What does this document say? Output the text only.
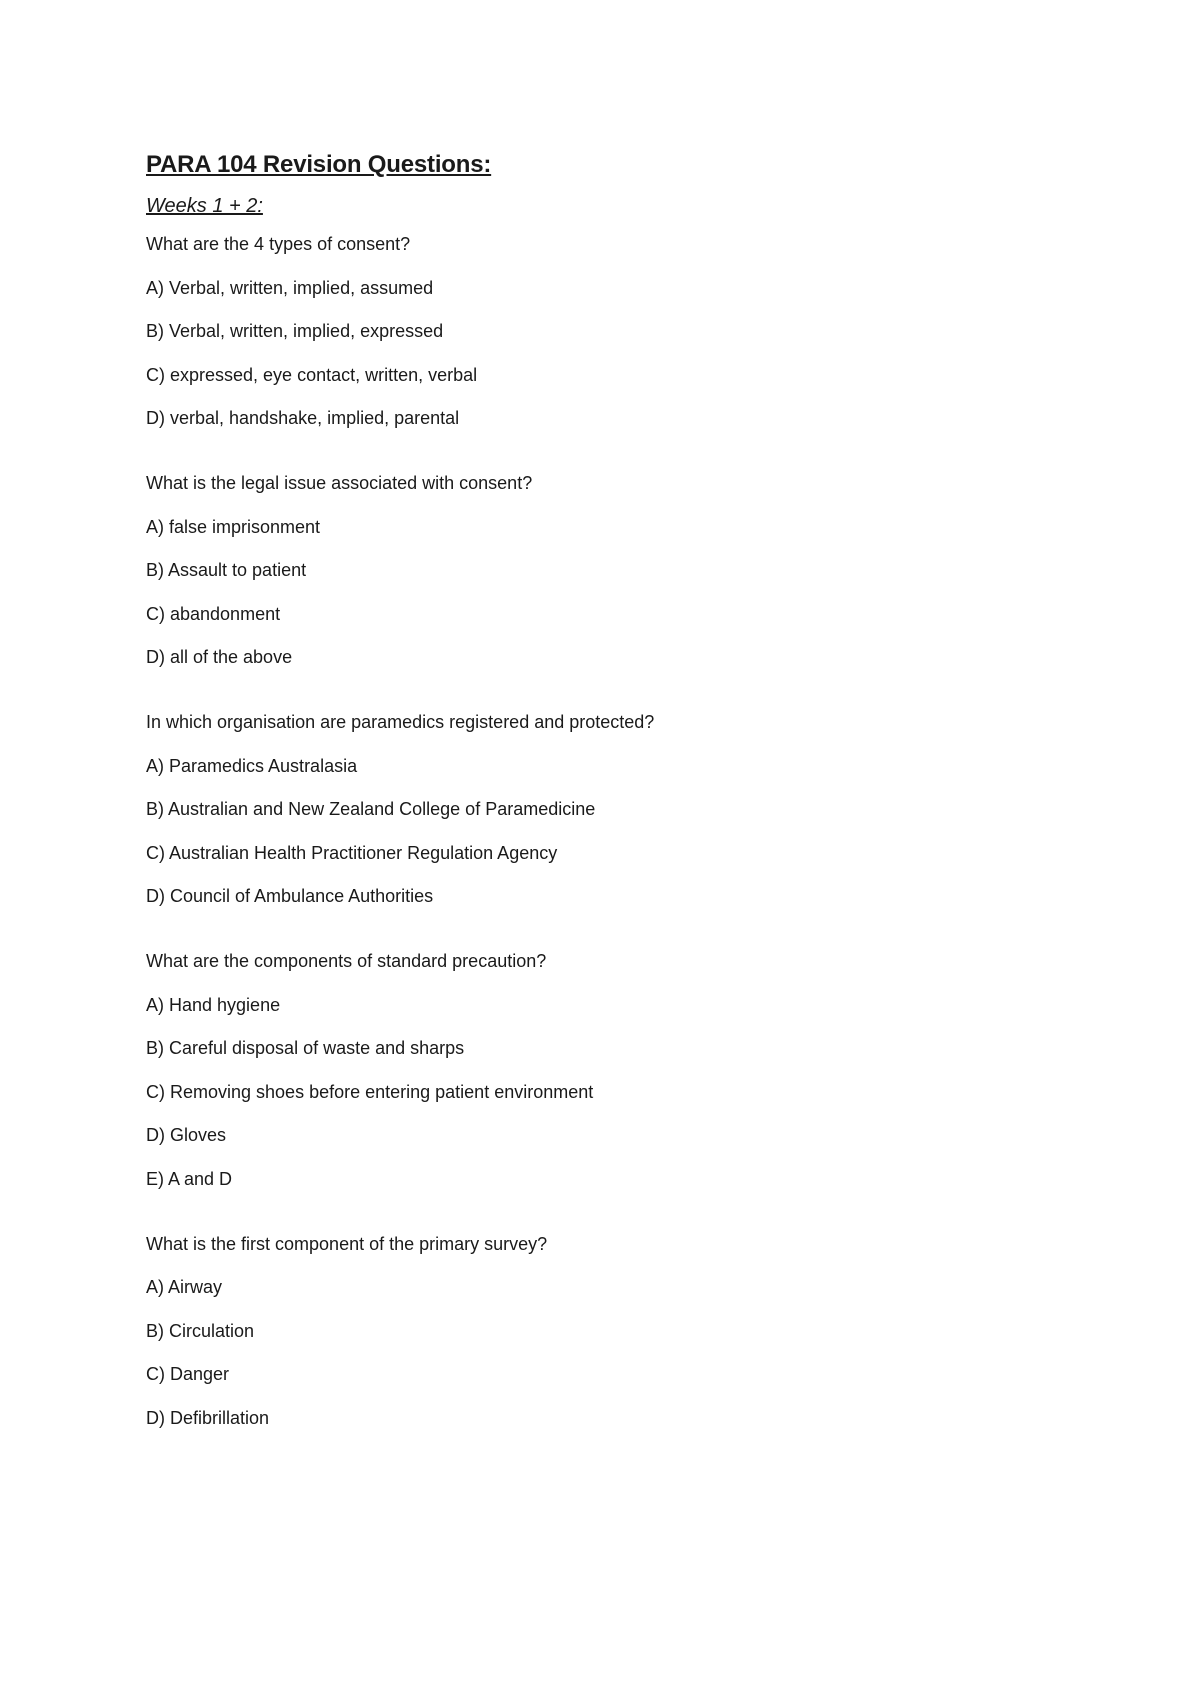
PARA 104 Revision Questions:
Weeks 1 + 2:
What are the 4 types of consent?
A) Verbal, written, implied, assumed
B) Verbal, written, implied, expressed
C) expressed, eye contact, written, verbal
D) verbal, handshake, implied, parental
What is the legal issue associated with consent?
A) false imprisonment
B) Assault to patient
C) abandonment
D) all of the above
In which organisation are paramedics registered and protected?
A) Paramedics Australasia
B) Australian and New Zealand College of Paramedicine
C) Australian Health Practitioner Regulation Agency
D) Council of Ambulance Authorities
What are the components of standard precaution?
A) Hand hygiene
B) Careful disposal of waste and sharps
C) Removing shoes before entering patient environment
D) Gloves
E) A and D
What is the first component of the primary survey?
A) Airway
B) Circulation
C) Danger
D) Defibrillation
